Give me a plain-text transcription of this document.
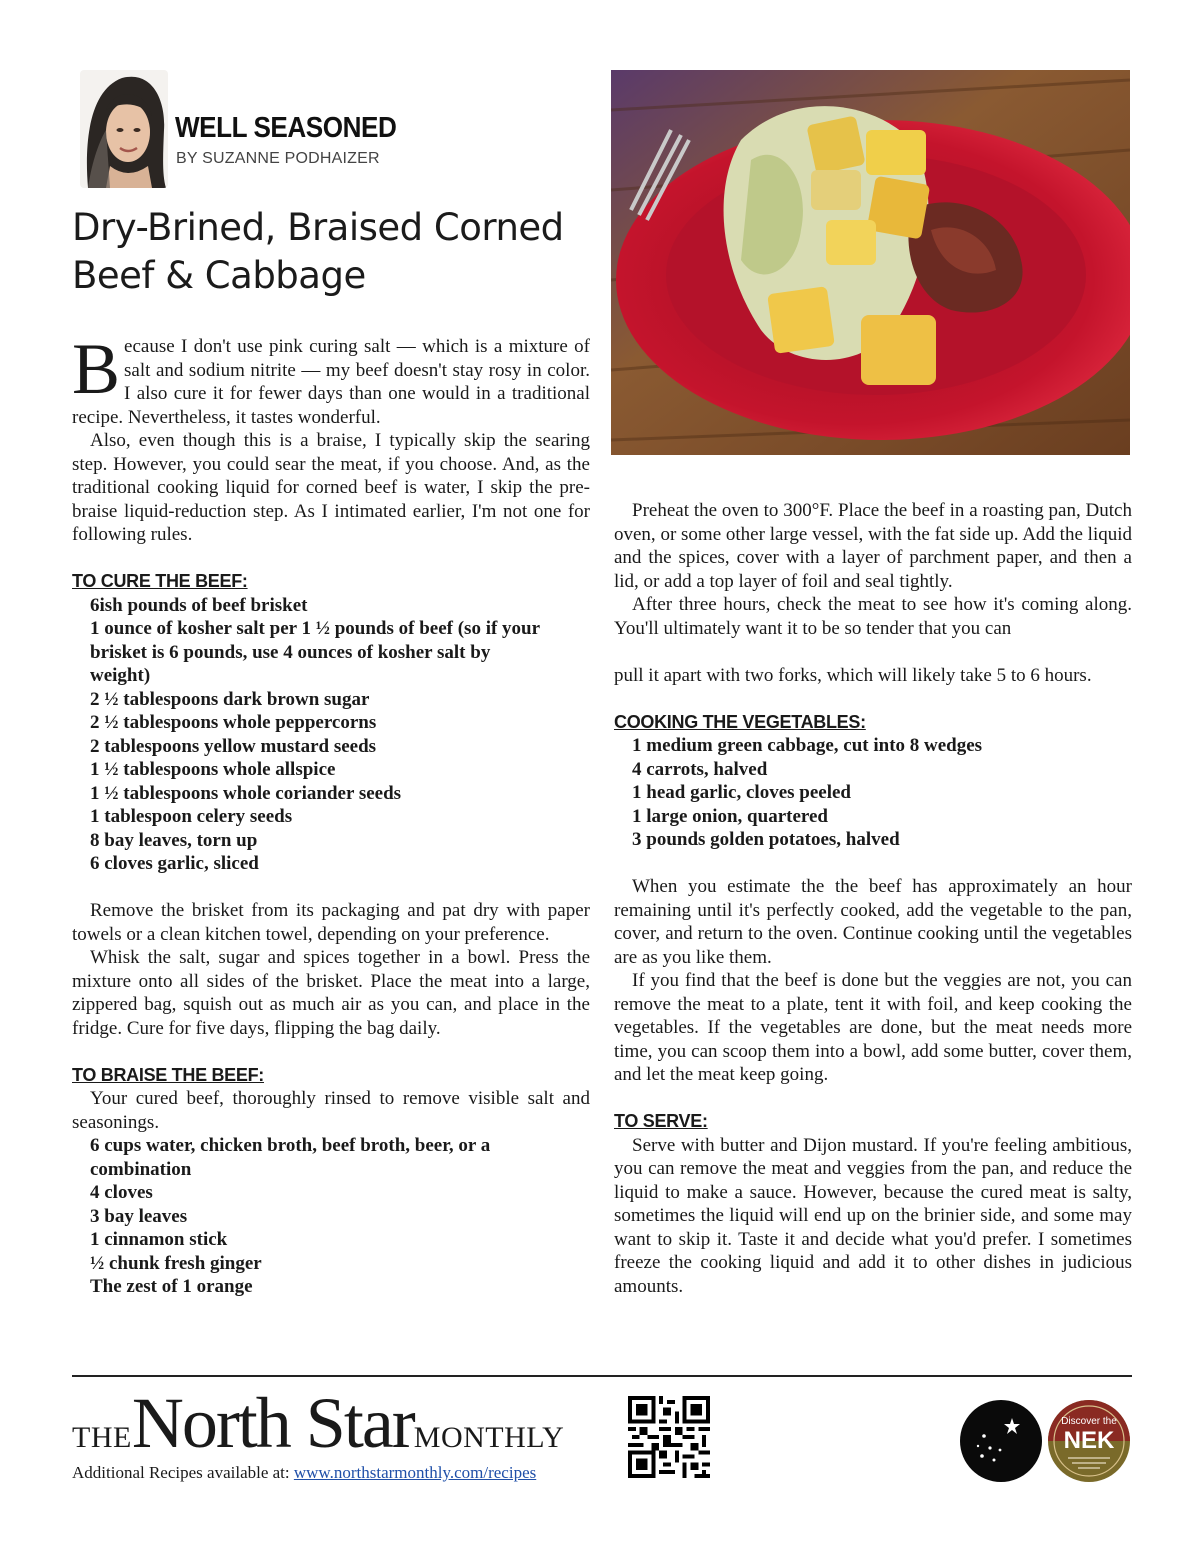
WELL SEASONED
BY SUZANNE PODHAIZER
Dry-Brined, Braised Corned Beef & Cabbage

Because I don't use pink curing salt — which is a mixture of salt and sodium nitrite — my beef doesn't stay rosy in color. I also cure it for fewer days than one would in a traditional recipe. Nevertheless, it tastes wonderful.

Also, even though this is a braise, I typically skip the searing step. However, you could sear the meat, if you choose. And, as the traditional cooking liquid for corned beef is water, I skip the pre-braise liquid-reduction step. As I intimated earlier, I'm not one for following rules.

TO CURE THE BEEF:

6ish pounds of beef brisket
1 ounce of kosher salt per 1 ½ pounds of beef (so if your brisket is 6 pounds, use 4 ounces of kosher salt by weight)
2 ½ tablespoons dark brown sugar
2 ½ tablespoons whole peppercorns
2 tablespoons yellow mustard seeds
1 ½ tablespoons whole allspice
1 ½ tablespoons whole coriander seeds
1 tablespoon celery seeds
8 bay leaves, torn up
6 cloves garlic, sliced

Remove the brisket from its packaging and pat dry with paper towels or a clean kitchen towel, depending on your preference.

Whisk the salt, sugar and spices together in a bowl. Press the mixture onto all sides of the brisket. Place the meat into a large, zippered bag, squish out as much air as you can, and place in the fridge. Cure for five days, flipping the bag daily.

TO BRAISE THE BEEF:

Your cured beef, thoroughly rinsed to remove visible salt and seasonings.

6 cups water, chicken broth, beef broth, beer, or a combination
4 cloves
3 bay leaves
1 cinnamon stick
½ chunk fresh ginger
The zest of 1 orange

Preheat the oven to 300°F. Place the beef in a roasting pan, Dutch oven, or some other large vessel, with the fat side up. Add the liquid and the spices, cover with a layer of parchment paper, and then a lid, or add a top layer of foil and seal tightly.

After three hours, check the meat to see how it's coming along. You'll ultimately want it to be so tender that you can

pull it apart with two forks, which will likely take 5 to 6 hours.

COOKING THE VEGETABLES:

1 medium green cabbage, cut into 8 wedges
4 carrots, halved
1 head garlic, cloves peeled
1 large onion, quartered
3 pounds golden potatoes, halved

When you estimate the the beef has approximately an hour remaining until it's perfectly cooked, add the vegetable to the pan, cover, and return to the oven. Continue cooking until the vegetables are as you like them.

If you find that the beef is done but the veggies are not, you can remove the meat to a plate, tent it with foil, and keep cooking the vegetables. If the vegetables are done, but the meat needs more time, you can scoop them into a bowl, add some butter, cover them, and let the meat keep going.

TO SERVE:

Serve with butter and Dijon mustard. If you're feeling ambitious, you can remove the meat and veggies from the pan, and reduce the liquid to make a sauce. However, because the cured meat is salty, sometimes the liquid will end up on the brinier side, and some may want to skip it. Taste it and decide what you'd prefer. I sometimes freeze the cooking liquid and add it to other dishes in judicious amounts.

THENorth StarMONTHLY
Additional Recipes available at: www.northstarmonthly.com/recipes
Discover the
NEK
